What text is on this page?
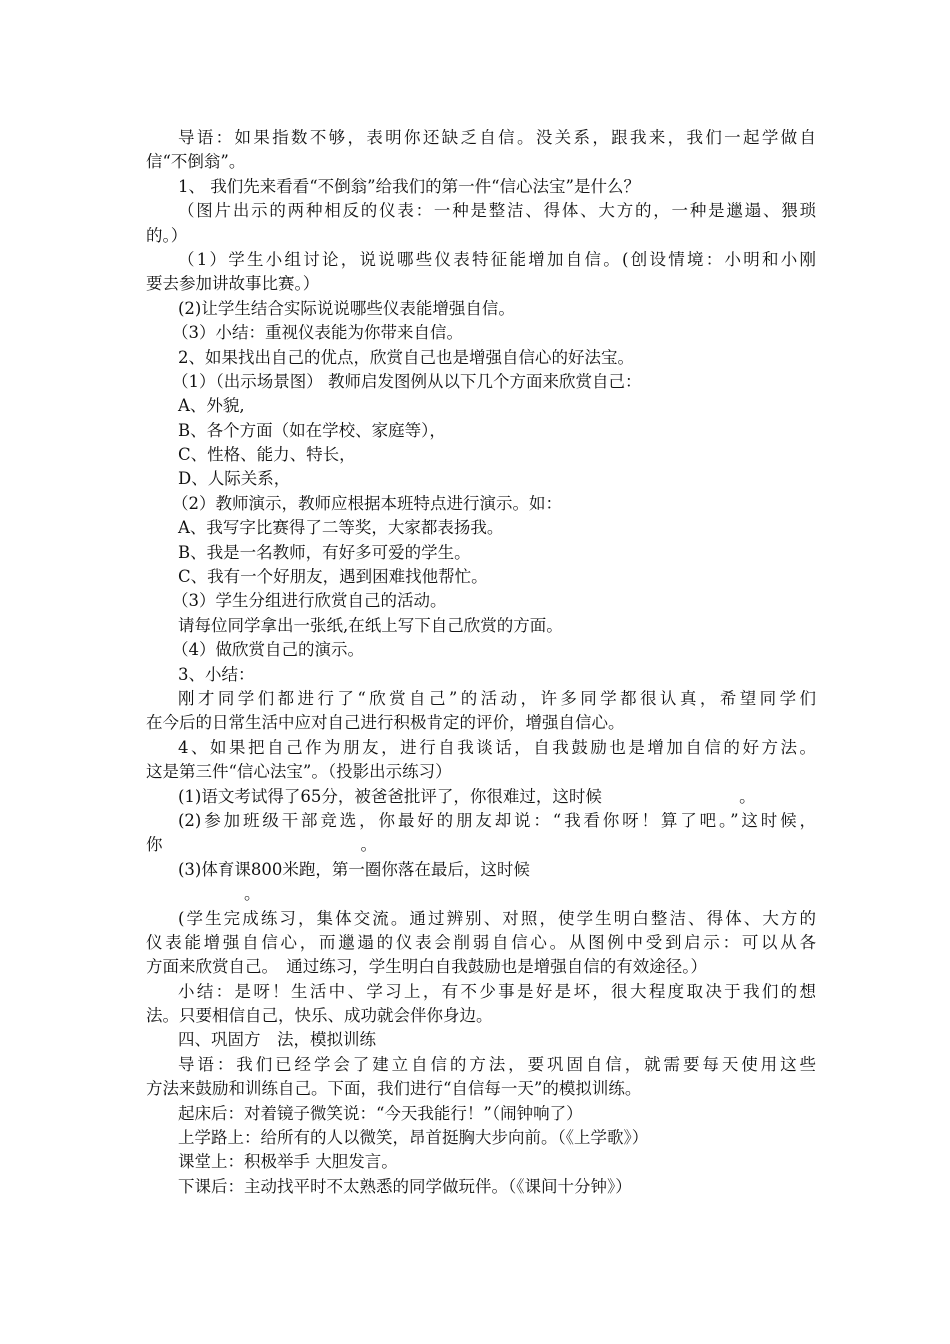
导语：如果指数不够，表明你还缺乏自信。没关系，跟我来，我们一起学做自
信“不倒翁”。
1、 我们先来看看“不倒翁”给我们的第一件“信心法宝”是什么？
（图片出示的两种相反的仪表：一种是整洁、得体、大方的，一种是邋遢、猥琐
的。）
（1）学生小组讨论，说说哪些仪表特征能增加自信。(创设情境：小明和小刚
要去参加讲故事比赛。）
(2)让学生结合实际说说哪些仪表能增强自信。
（3）小结：重视仪表能为你带来自信。
2、如果找出自己的优点，欣赏自己也是增强自信心的好法宝。
（1）（出示场景图） 教师启发图例从以下几个方面来欣赏自己：
A、外貌,
B、各个方面（如在学校、家庭等），
C、性格、能力、特长，
D、人际关系，
（2）教师演示，教师应根据本班特点进行演示。如：
A、我写字比赛得了二等奖，大家都表扬我。
B、我是一名教师，有好多可爱的学生。
C、我有一个好朋友，遇到困难找他帮忙。
（3）学生分组进行欣赏自己的活动。
请每位同学拿出一张纸,在纸上写下自己欣赏的方面。
（4）做欣赏自己的演示。
3、小结：
刚才同学们都进行了“欣赏自己”的活动，许多同学都很认真，希望同学们
在今后的日常生活中应对自己进行积极肯定的评价，增强自信心。
4、如果把自己作为朋友，进行自我谈话，自我鼓励也是增加自信的好方法。
这是第三件“信心法宝”。（投影出示练习）
(1)语文考试得了65分，被爸爸批评了，你很难过，这时候 　　　　　　　　。
(2)参加班级干部竞选，你最好的朋友却说：“我看你呀！算了吧。”这时候，
你　　　　　　　　　　　　。
(3)体育课800米跑，第一圈你落在最后，这时候
　　　　。
(学生完成练习，集体交流。通过辨别、对照，使学生明白整洁、得体、大方的
仪表能增强自信心，而邋遢的仪表会削弱自信心。从图例中受到启示：可以从各
方面来欣赏自己。　通过练习，学生明白自我鼓励也是增强自信的有效途径。）
小结：是呀！生活中、学习上，有不少事是好是坏，很大程度取决于我们的想
法。只要相信自己，快乐、成功就会伴你身边。
四、巩固方　法，模拟训练
导语：我们已经学会了建立自信的方法，要巩固自信，就需要每天使用这些
方法来鼓励和训练自己。下面，我们进行“自信每一天”的模拟训练。
起床后：对着镜子微笑说：“今天我能行！”（闹钟响了）
上学路上：给所有的人以微笑，昂首挺胸大步向前。（《上学歌》）
课堂上：积极举手 大胆发言。
下课后：主动找平时不太熟悉的同学做玩伴。（《课间十分钟》）
